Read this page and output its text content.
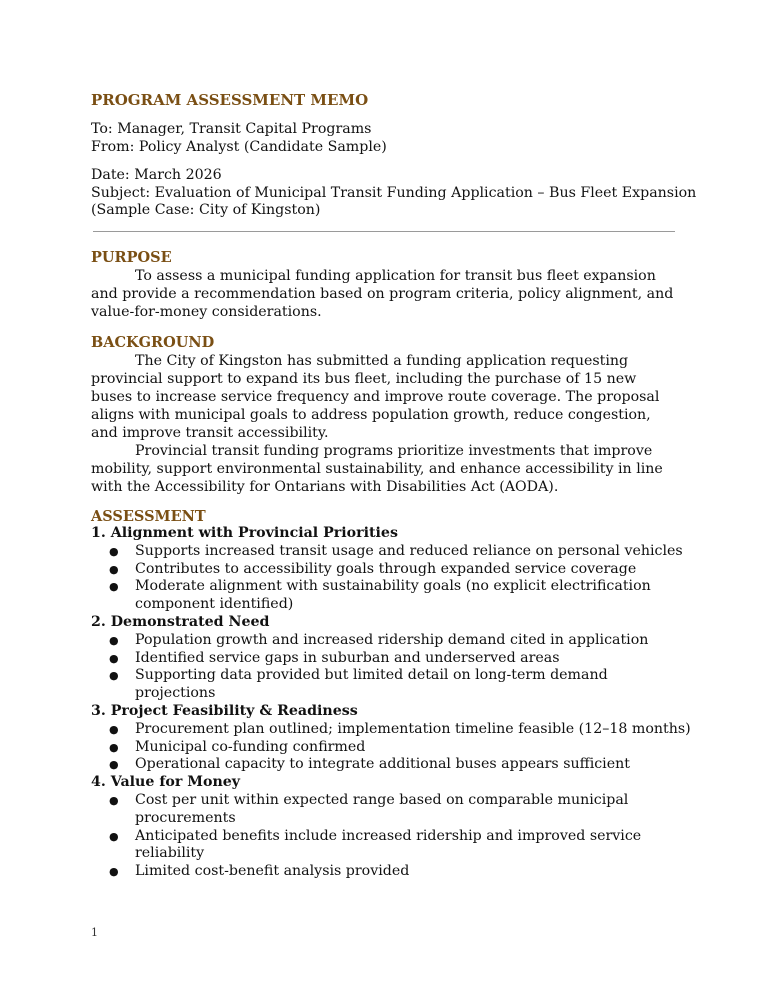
PROGRAM ASSESSMENT MEMO
To: Manager, Transit Capital Programs
From: Policy Analyst (Candidate Sample)
Date: March 2026
Subject: Evaluation of Municipal Transit Funding Application – Bus Fleet Expansion
(Sample Case: City of Kingston)
PURPOSE

To assess a municipal funding application for transit bus fleet expansion and provide a recommendation based on program criteria, policy alignment, and value-for-money considerations.

BACKGROUND

The City of Kingston has submitted a funding application requesting provincial support to expand its bus fleet, including the purchase of 15 new buses to increase service frequency and improve route coverage. The proposal aligns with municipal goals to address population growth, reduce congestion, and improve transit accessibility.

Provincial transit funding programs prioritize investments that improve mobility, support environmental sustainability, and enhance accessibility in line with the Accessibility for Ontarians with Disabilities Act (AODA).

ASSESSMENT

1. Alignment with Provincial Priorities

● Supports increased transit usage and reduced reliance on personal vehicles
● Contributes to accessibility goals through expanded service coverage
● Moderate alignment with sustainability goals (no explicit electrification component identified)

2. Demonstrated Need

● Population growth and increased ridership demand cited in application
● Identified service gaps in suburban and underserved areas
● Supporting data provided but limited detail on long-term demand projections

3. Project Feasibility & Readiness

● Procurement plan outlined; implementation timeline feasible (12–18 months)
● Municipal co-funding confirmed
● Operational capacity to integrate additional buses appears sufficient

4. Value for Money

● Cost per unit within expected range based on comparable municipal procurements
● Anticipated benefits include increased ridership and improved service reliability
● Limited cost-benefit analysis provided
1
